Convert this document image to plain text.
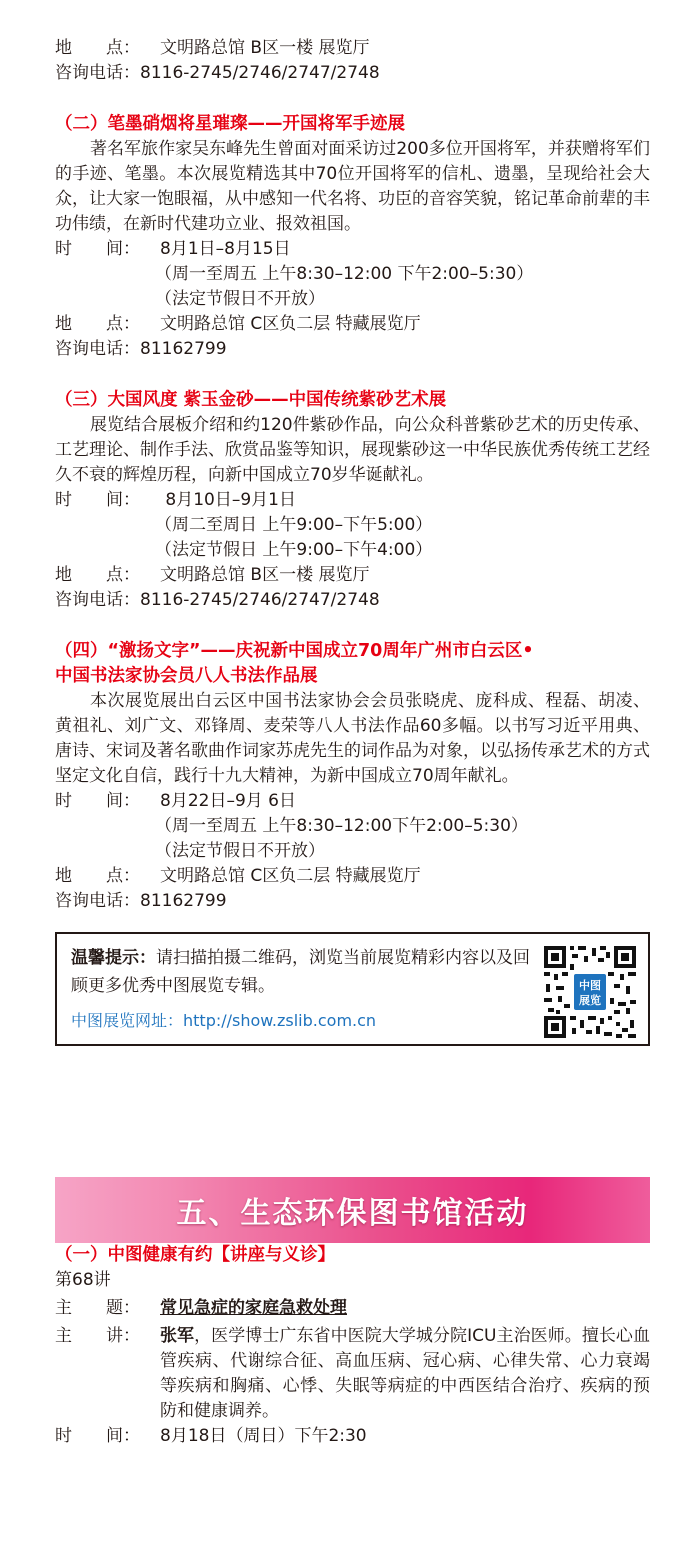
地　　点：	文明路总馆 B区一楼 展览厅
咨询电话： 8116-2745/2746/2747/2748
（二）笔墨硝烟将星璀璨——开国将军手迹展
著名军旅作家吴东峰先生曾面对面采访过200多位开国将军，并获赠将军们的手迹、笔墨。本次展览精选其中70位开国将军的信札、遗墨，呈现给社会大众，让大家一饱眼福，从中感知一代名将、功臣的音容笑貌，铭记革命前辈的丰功伟绩，在新时代建功立业、报效祖国。
时　　间：	8月1日–8月15日
（周一至周五 上午8:30–12:00 下午2:00–5:30）
（法定节假日不开放）
地　　点：	文明路总馆 C区负二层 特藏展览厅
咨询电话： 81162799
（三）大国风度 紫玉金砂——中国传统紫砂艺术展
展览结合展板介绍和约120件紫砂作品，向公众科普紫砂艺术的历史传承、工艺理论、制作手法、欣赏品鉴等知识，展现紫砂这一中华民族优秀传统工艺经久不衰的辉煌历程，向新中国成立70岁华诞献礼。
时　　间：	8月10日–9月1日
（周二至周日 上午9:00–下午5:00）
（法定节假日 上午9:00–下午4:00）
地　　点：	文明路总馆 B区一楼 展览厅
咨询电话： 8116-2745/2746/2747/2748
（四）“激扬文字”——庆祝新中国成立70周年广州市白云区•
中国书法家协会员八人书法作品展
本次展览展出白云区中国书法家协会会员张晓虎、庞科成、程磊、胡凌、黄祖礼、刘广文、邓锋周、麦荣等八人书法作品60多幅。以书写习近平用典、唐诗、宋词及著名歌曲作词家苏虎先生的词作品为对象，以弘扬传承艺术的方式坚定文化自信，践行十九大精神，为新中国成立70周年献礼。
时　　间：	8月22日–9月 6日
（周一至周五 上午8:30–12:00下午2:00–5:30）
（法定节假日不开放）
地　　点：	文明路总馆 C区负二层 特藏展览厅
咨询电话： 81162799
温馨提示：请扫描拍摄二维码，浏览当前展览精彩内容以及回顾更多优秀中图展览专辑。
中图展览网址：http://show.zslib.com.cn
中图
展览
五、生态环保图书馆活动
（一）中图健康有约【讲座与义诊】
第68讲
主　　题：	常见急症的家庭急救处理
主　　讲：	张军，医学博士广东省中医院大学城分院ICU主治医师。擅长心血管疾病、代谢综合征、高血压病、冠心病、心律失常、心力衰竭等疾病和胸痛、心悸、失眠等病症的中西医结合治疗、疾病的预防和健康调养。
时　　间：	8月18日（周日）下午2:30
